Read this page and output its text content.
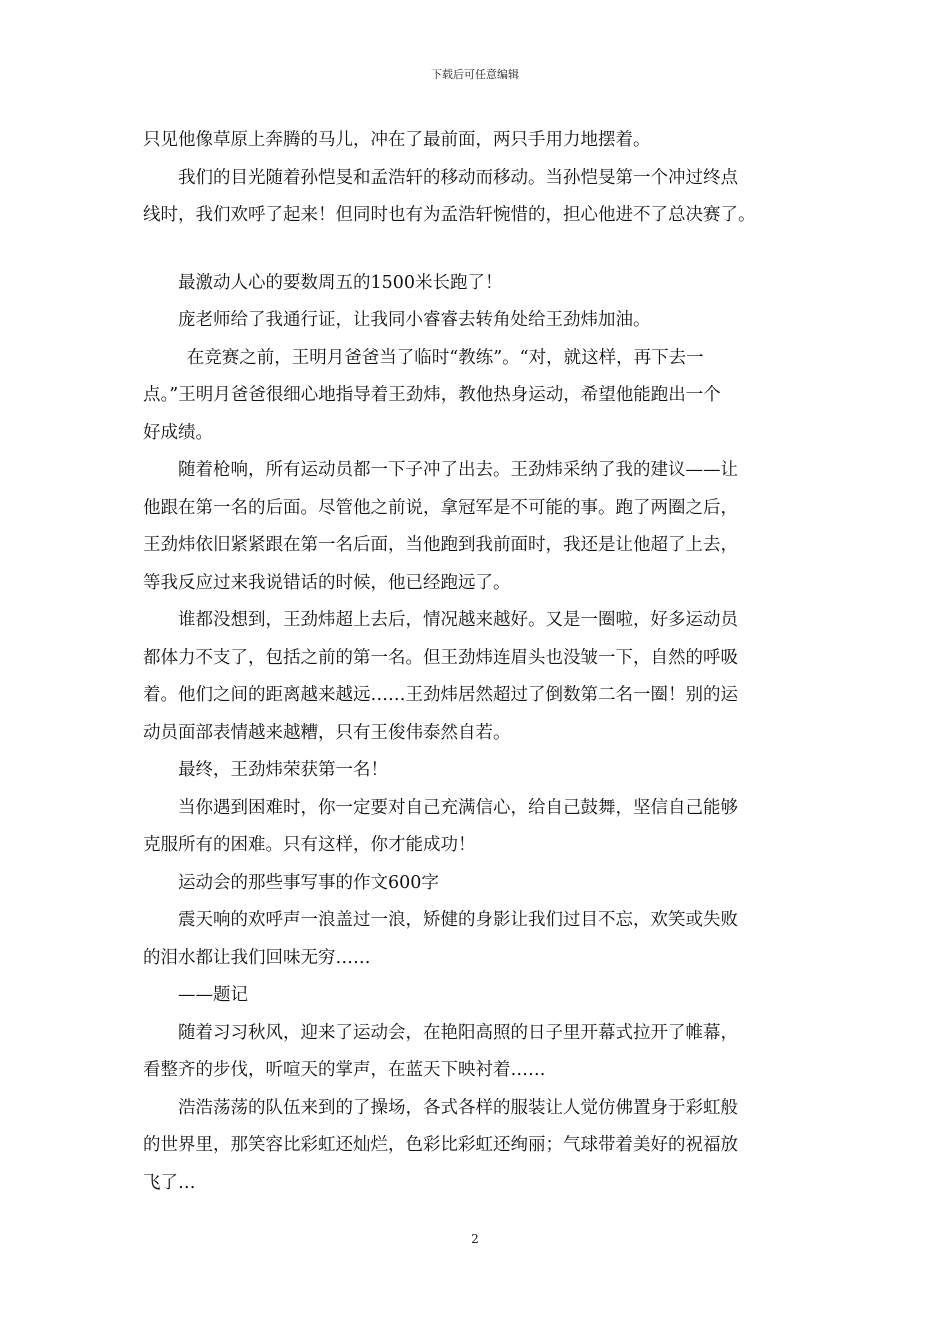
下载后可任意编辑

只见他像草原上奔腾的马儿，冲在了最前面，两只手用力地摆着。

我们的目光随着孙恺旻和孟浩轩的移动而移动。当孙恺旻第一个冲过终点

线时，我们欢呼了起来！但同时也有为孟浩轩惋惜的，担心他进不了总决赛了。

最激动人心的要数周五的1500米长跑了！

庞老师给了我通行证，让我同小睿睿去转角处给王劲炜加油。

在竞赛之前，王明月爸爸当了临时“教练”。“对，就这样，再下去一

点。”王明月爸爸很细心地指导着王劲炜，教他热身运动，希望他能跑出一个

好成绩。

随着枪响，所有运动员都一下子冲了出去。王劲炜采纳了我的建议——让

他跟在第一名的后面。尽管他之前说，拿冠军是不可能的事。跑了两圈之后，

王劲炜依旧紧紧跟在第一名后面，当他跑到我前面时，我还是让他超了上去，

等我反应过来我说错话的时候，他已经跑远了。

谁都没想到，王劲炜超上去后，情况越来越好。又是一圈啦，好多运动员

都体力不支了，包括之前的第一名。但王劲炜连眉头也没皱一下，自然的呼吸

着。他们之间的距离越来越远……王劲炜居然超过了倒数第二名一圈！别的运

动员面部表情越来越糟，只有王俊伟泰然自若。

最终，王劲炜荣获第一名！

当你遇到困难时，你一定要对自己充满信心，给自己鼓舞，坚信自己能够

克服所有的困难。只有这样，你才能成功！

运动会的那些事写事的作文600字

震天响的欢呼声一浪盖过一浪，矫健的身影让我们过目不忘，欢笑或失败

的泪水都让我们回味无穷……

——题记

随着习习秋风，迎来了运动会，在艳阳高照的日子里开幕式拉开了帷幕，

看整齐的步伐，听喧天的掌声，在蓝天下映衬着……

浩浩荡荡的队伍来到的了操场，各式各样的服装让人觉仿佛置身于彩虹般

的世界里，那笑容比彩虹还灿烂，色彩比彩虹还绚丽；气球带着美好的祝福放

飞了…

2
